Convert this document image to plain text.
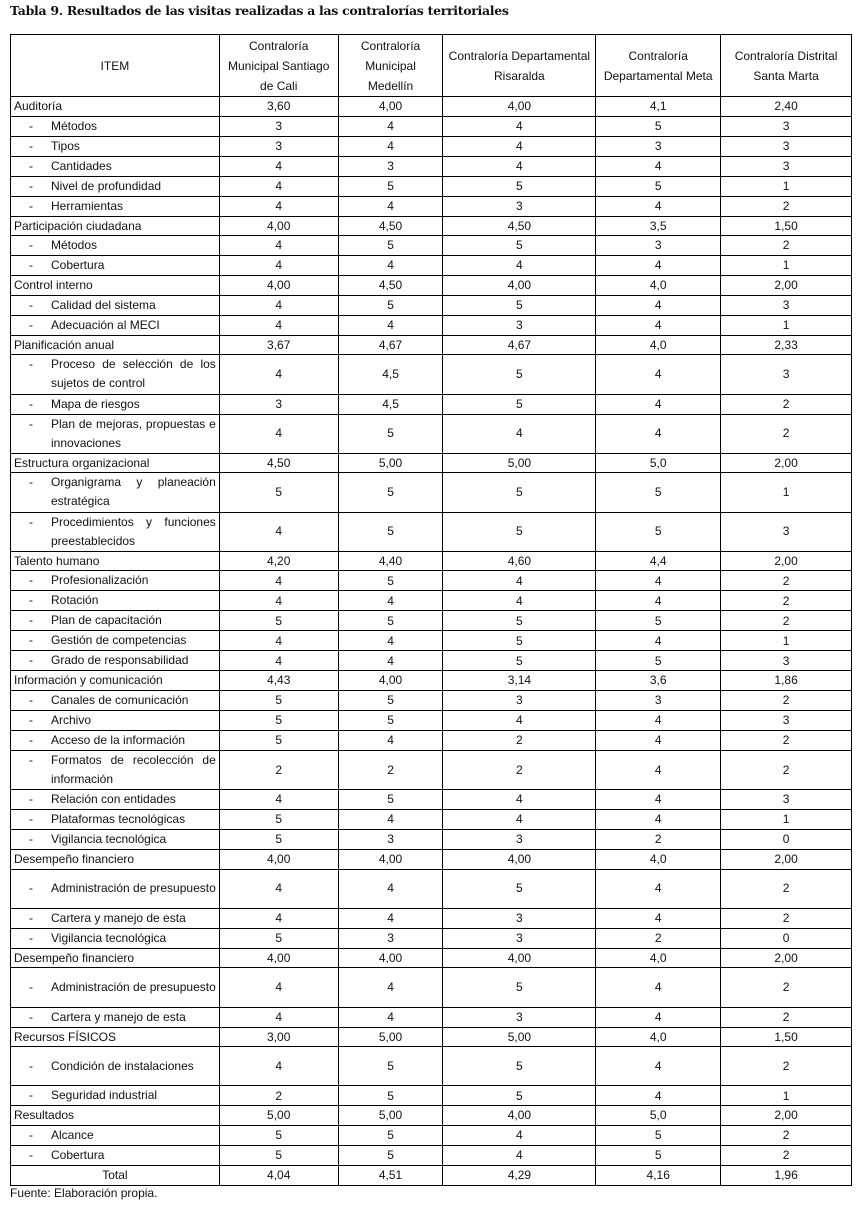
Tabla 9. Resultados de las visitas realizadas a las contralorías territoriales
ITEM	Contraloría Municipal Santiago de Cali	Contraloría Municipal Medellín	Contraloría Departamental Risaralda	Contraloría Departamental Meta	Contraloría Distrital Santa Marta
Auditoría	3,60	4,00	4,00	4,1	2,40

- Métodos	3	4	4	5	3

- Tipos	3	4	4	3	3

- Cantidades	4	3	4	4	3

- Nivel de profundidad	4	5	5	5	1

- Herramientas	4	4	3	4	2
Participación ciudadana	4,00	4,50	4,50	3,5	1,50

- Métodos	4	5	5	3	2

- Cobertura	4	4	4	4	1
Control interno	4,00	4,50	4,00	4,0	2,00

- Calidad del sistema	4	5	5	4	3

- Adecuación al MECI	4	4	3	4	1
Planificación anual	3,67	4,67	4,67	4,0	2,33

- Proceso de selección de los sujetos de control	4	4,5	5	4	3

- Mapa de riesgos	3	4,5	5	4	2

- Plan de mejoras, propuestas e innovaciones	4	5	4	4	2
Estructura organizacional	4,50	5,00	5,00	5,0	2,00

- Organigrama y planeación estratégica	5	5	5	5	1

- Procedimientos y funciones preestablecidos	4	5	5	5	3
Talento humano	4,20	4,40	4,60	4,4	2,00

- Profesionalización	4	5	4	4	2

- Rotación	4	4	4	4	2

- Plan de capacitación	5	5	5	5	2

- Gestión de competencias	4	4	5	4	1

- Grado de responsabilidad	4	4	5	5	3
Información y comunicación	4,43	4,00	3,14	3,6	1,86

- Canales de comunicación	5	5	3	3	2

- Archivo	5	5	4	4	3

- Acceso de la información	5	4	2	4	2

- Formatos de recolección de información	2	2	2	4	2

- Relación con entidades	4	5	4	4	3

- Plataformas tecnológicas	5	4	4	4	1

- Vigilancia tecnológica	5	3	3	2	0
Desempeño financiero	4,00	4,00	4,00	4,0	2,00

- Administración de presupuesto	4	4	5	4	2

- Cartera y manejo de esta	4	4	3	4	2

- Vigilancia tecnológica	5	3	3	2	0
Desempeño financiero	4,00	4,00	4,00	4,0	2,00

- Administración de presupuesto	4	4	5	4	2

- Cartera y manejo de esta	4	4	3	4	2
Recursos FÍSICOS	3,00	5,00	5,00	4,0	1,50

- Condición de instalaciones	4	5	5	4	2

- Seguridad industrial	2	5	5	4	1
Resultados	5,00	5,00	4,00	5,0	2,00

- Alcance	5	5	4	5	2

- Cobertura	5	5	4	5	2
Total	4,04	4,51	4,29	4,16	1,96
Fuente: Elaboración propia.
